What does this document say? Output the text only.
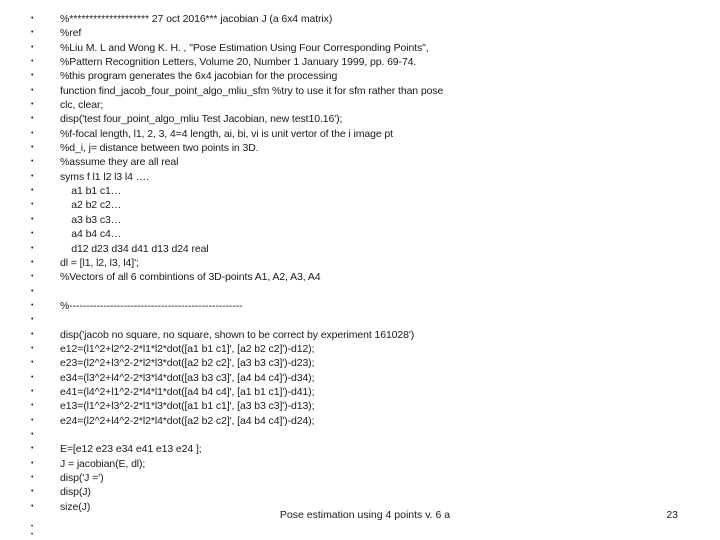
•	%******************** 27 oct 2016*** jacobian J (a 6x4 matrix)
•	%ref
•	%Liu M. L and Wong K. H. , "Pose Estimation Using Four Corresponding Points",
•	%Pattern Recognition Letters, Volume 20, Number 1 January 1999, pp. 69-74.
•	%this program generates the 6x4 jacobian for the processing
•	function find_jacob_four_point_algo_mliu_sfm %try to use it for sfm rather than pose
•	clc, clear;
•	disp('test four_point_algo_mliu Test Jacobian, new test10.16');
•	%f-focal length, l1, 2, 3, 4=4 length, ai, bi, vi is unit vertor of the i image pt
•	%d_i, j= distance between two points in 3D.
•	%assume they are all real
•	syms f l1 l2 l3 l4 ….
•	a1 b1 c1…
•	a2 b2 c2…
•	a3 b3 c3…
•	a4 b4 c4…
•	d12 d23 d34 d41 d13 d24 real
•	dl = [l1, l2, l3, l4]';
•	%Vectors of all 6 combintions of 3D-points A1, A2, A3, A4
•
•	%---------------------------------------------------
•
•	disp('jacob no square, no square, shown to be correct by experiment 161028')
•	e12=(l1^2+l2^2-2*l1*l2*dot([a1 b1 c1]', [a2 b2 c2]')-d12);
•	e23=(l2^2+l3^2-2*l2*l3*dot([a2 b2 c2]', [a3 b3 c3]')-d23);
•	e34=(l3^2+l4^2-2*l3*l4*dot([a3 b3 c3]', [a4 b4 c4]')-d34);
•	e41=(l4^2+l1^2-2*l4*l1*dot([a4 b4 c4]', [a1 b1 c1]')-d41);
•	e13=(l1^2+l3^2-2*l1*l3*dot([a1 b1 c1]', [a3 b3 c3]')-d13);
•	e24=(l2^2+l4^2-2*l2*l4*dot([a2 b2 c2]', [a4 b4 c4]')-d24);
•
•	E=[e12 e23 e34 e41 e13 e24 ];
•	J = jacobian(E, dl);
•	disp('J =')
•	disp(J)
•	size(J)
•
•
Pose estimation using 4 points v. 6 a	23
